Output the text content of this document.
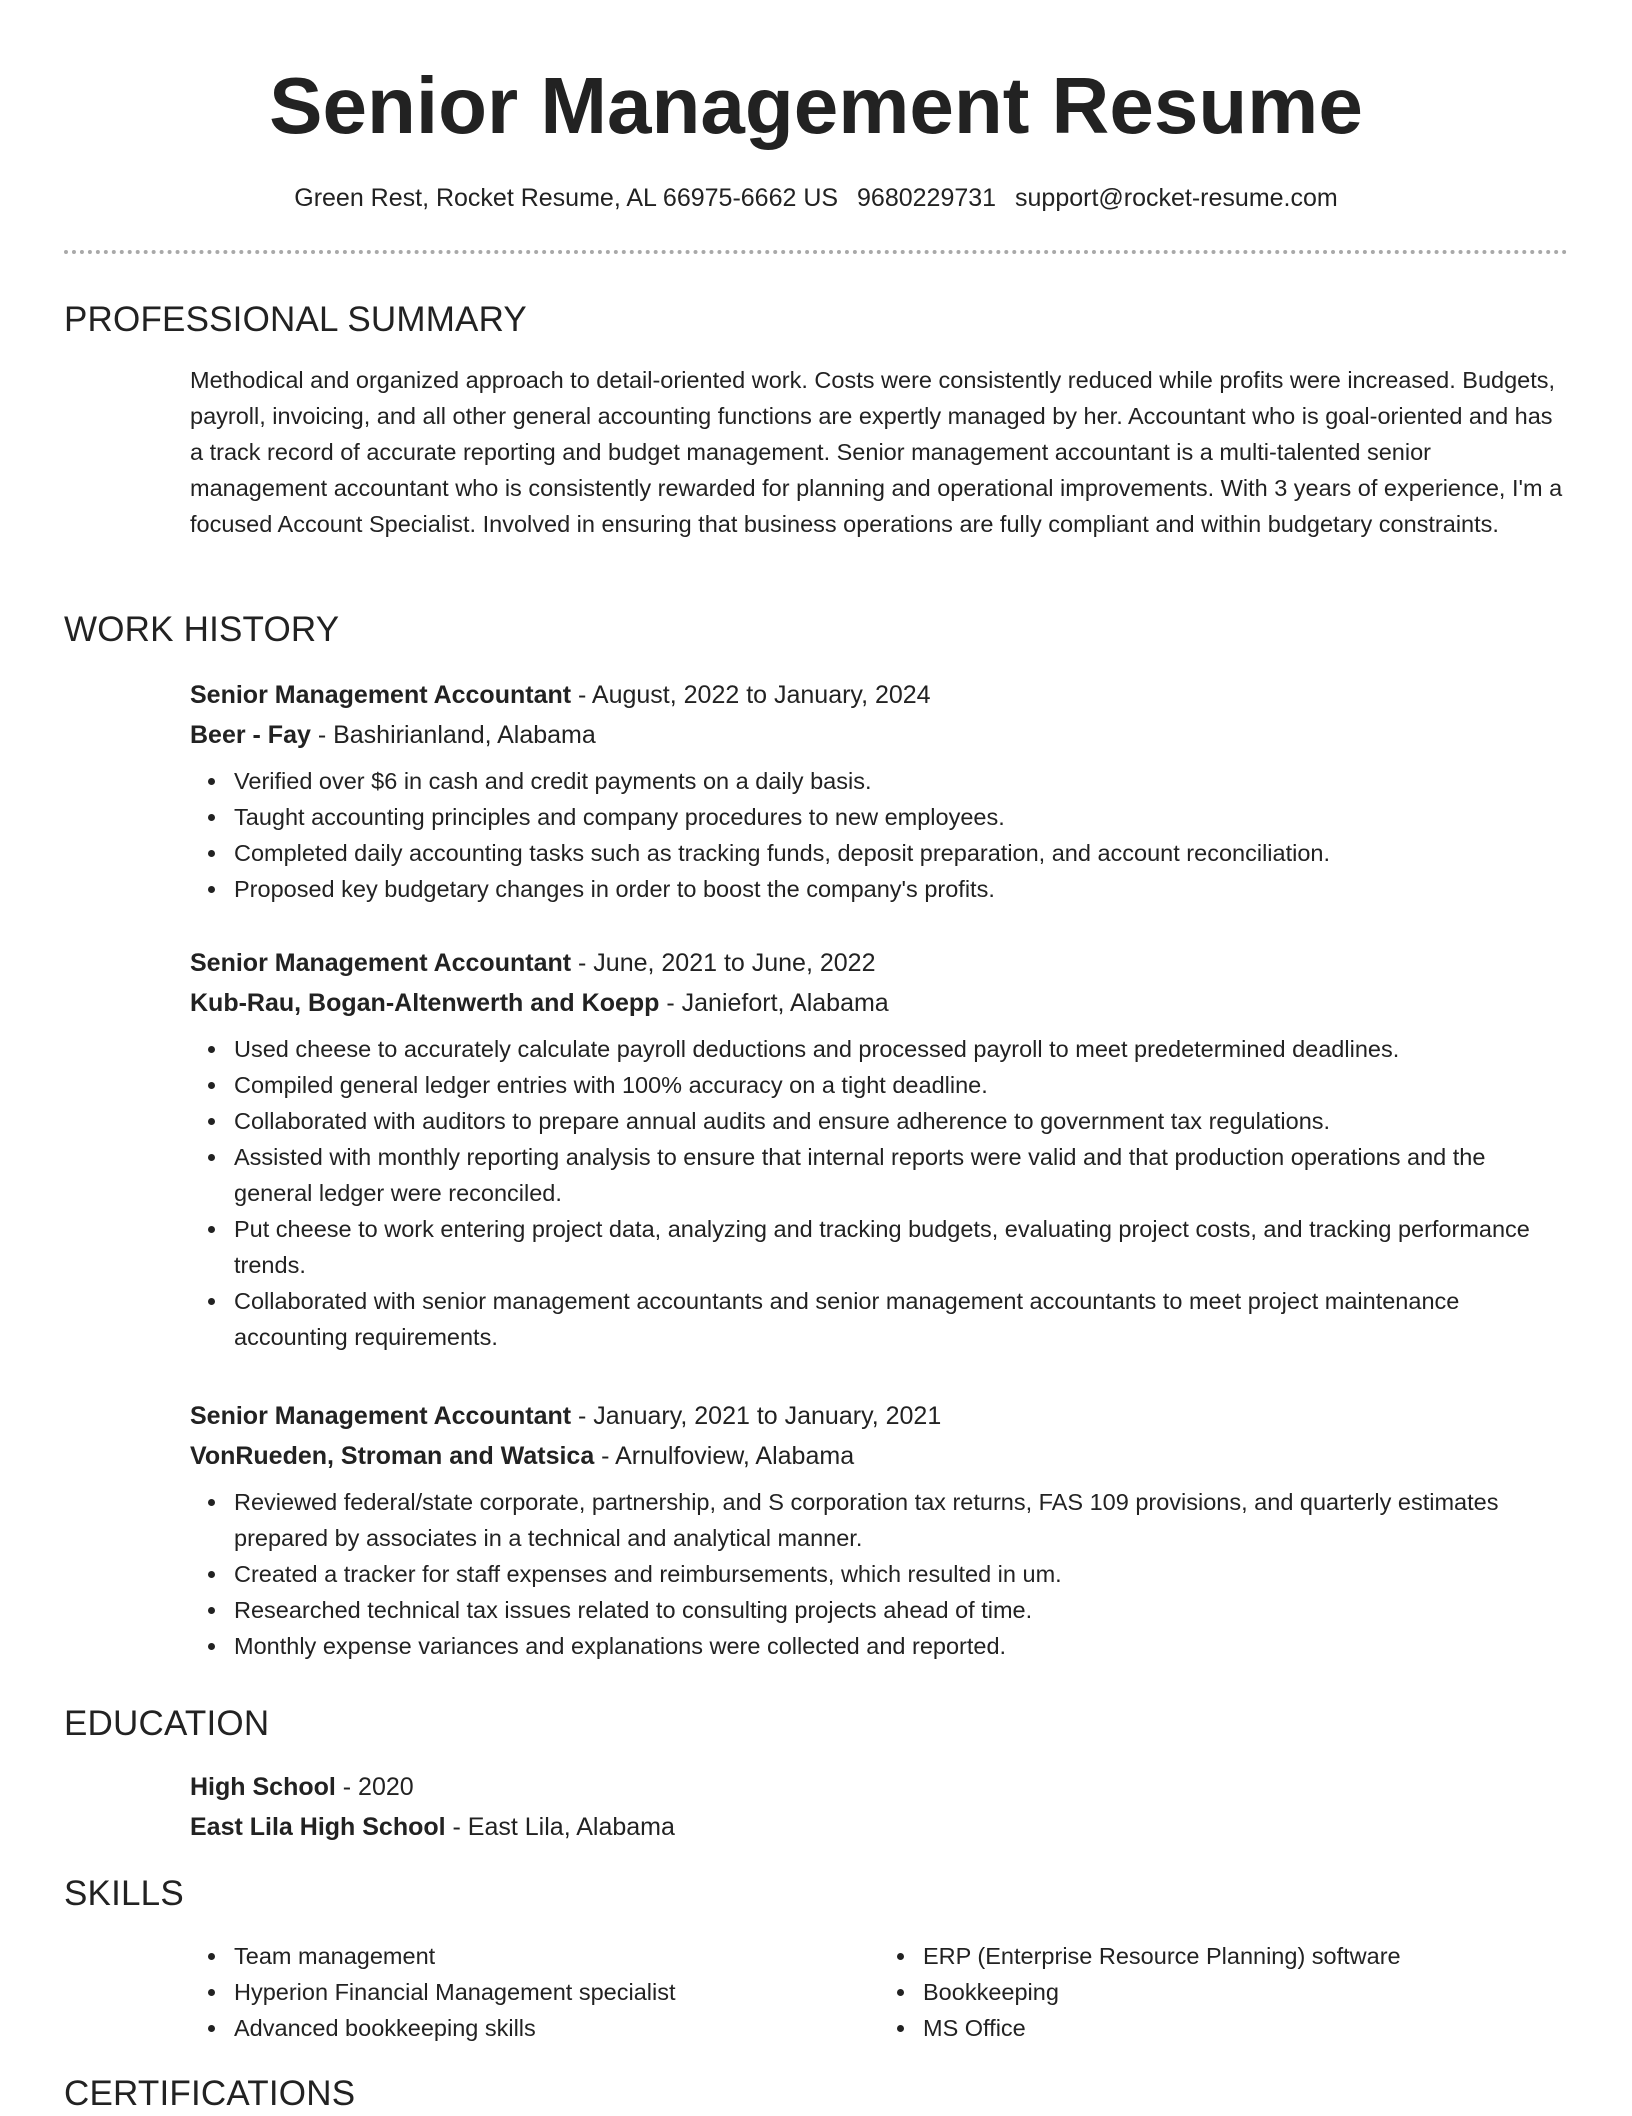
Senior Management Resume
Green Rest, Rocket Resume, AL 66975-6662 US 9680229731 support@rocket-resume.com
PROFESSIONAL SUMMARY

Methodical and organized approach to detail-oriented work. Costs were consistently reduced while profits were increased. Budgets, payroll, invoicing, and all other general accounting functions are expertly managed by her. Accountant who is goal-oriented and has a track record of accurate reporting and budget management. Senior management accountant is a multi-talented senior management accountant who is consistently rewarded for planning and operational improvements. With 3 years of experience, I'm a focused Account Specialist. Involved in ensuring that business operations are fully compliant and within budgetary constraints.

WORK HISTORY

Senior Management Accountant - August, 2022 to January, 2024

Beer - Fay - Bashirianland, Alabama

Verified over $6 in cash and credit payments on a daily basis.
Taught accounting principles and company procedures to new employees.
Completed daily accounting tasks such as tracking funds, deposit preparation, and account reconciliation.
Proposed key budgetary changes in order to boost the company's profits.

Senior Management Accountant - June, 2021 to June, 2022

Kub-Rau, Bogan-Altenwerth and Koepp - Janiefort, Alabama

Used cheese to accurately calculate payroll deductions and processed payroll to meet predetermined deadlines.
Compiled general ledger entries with 100% accuracy on a tight deadline.
Collaborated with auditors to prepare annual audits and ensure adherence to government tax regulations.
Assisted with monthly reporting analysis to ensure that internal reports were valid and that production operations and the general ledger were reconciled.
Put cheese to work entering project data, analyzing and tracking budgets, evaluating project costs, and tracking performance trends.
Collaborated with senior management accountants and senior management accountants to meet project maintenance accounting requirements.

Senior Management Accountant - January, 2021 to January, 2021

VonRueden, Stroman and Watsica - Arnulfoview, Alabama

Reviewed federal/state corporate, partnership, and S corporation tax returns, FAS 109 provisions, and quarterly estimates prepared by associates in a technical and analytical manner.
Created a tracker for staff expenses and reimbursements, which resulted in um.
Researched technical tax issues related to consulting projects ahead of time.
Monthly expense variances and explanations were collected and reported.
EDUCATION

High School - 2020

East Lila High School - East Lila, Alabama

SKILLS
Team management
Hyperion Financial Management specialist
Advanced bookkeeping skills
ERP (Enterprise Resource Planning) software
Bookkeeping
MS Office
CERTIFICATIONS
